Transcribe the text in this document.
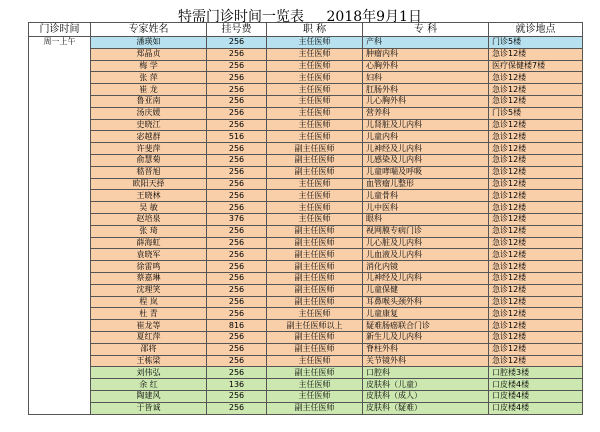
特需门诊时间一览表 2018年9月1日
门诊时间	专家姓名	挂号费	职 称	专 科	就诊地点
周一上午	潘瑛如	256	主任医师	产科	门诊5楼
	郑晶贞	256	主任医师	肿瘤内科	急诊12楼
	梅 学	256	主任医师	心胸外科	医疗保健楼7楼
	张 萍	256	主任医师	妇科	急诊12楼
	崔 龙	256	主任医师	肛肠外科	急诊12楼
	鲁亚南	256	主任医师	儿心胸外科	急诊12楼
	汤庆媛	256	主任医师	营养科	门诊5楼
	史晓江	256	主任医师	儿肾脏及儿内科	急诊12楼
	宓越群	516	主任医师	儿童内科	急诊12楼
	许斐萍	256	副主任医师	儿神经及儿内科	急诊12楼
	俞慧菊	256	副主任医师	儿感染及儿内科	急诊12楼
	嵇晋旭	256	副主任医师	儿童哮喘及呼吸	急诊12楼
	欧阳天择	256	主任医师	血管瘤儿整形	急诊12楼
	王晓林	256	主任医师	儿童骨科	急诊12楼
	吴 敏	256	主任医师	儿中医科	急诊12楼
	赵培泉	376	主任医师	眼科	急诊12楼
	张 琦	256	副主任医师	视网膜专病门诊	急诊12楼
	薛海虹	256	副主任医师	儿心脏及儿内科	急诊12楼
	袁晓军	256	副主任医师	儿血液及儿内科	急诊12楼
	徐雷鸣	256	副主任医师	消化内镜	急诊12楼
	蔡嘉琳	256	副主任医师	儿神经及儿内科	急诊12楼
	沈理笑	256	副主任医师	儿童保健	急诊12楼
	程 岚	256	副主任医师	耳鼻喉头颈外科	急诊12楼
	杜 青	256	主任医师	儿童康复	急诊12楼
	崔龙等	816	副主任医师以上	疑难肠癌联合门诊	急诊12楼
	夏红萍	256	副主任医师	新生儿及儿内科	急诊12楼
	邵将	256	副主任医师	脊柱外科	急诊12楼
	王栋梁	256	主任医师	关节镜外科	急诊12楼
	刘伟弘	256	副主任医师	口腔科	口腔楼3楼
	余 红	136	主任医师	皮肤科（儿童）	口皮楼4楼
	陶建风	256	主任医师	皮肤科（成人）	口皮楼4楼
	于皆诚	256	副主任医师	皮肤科（疑难）	口皮楼4楼
